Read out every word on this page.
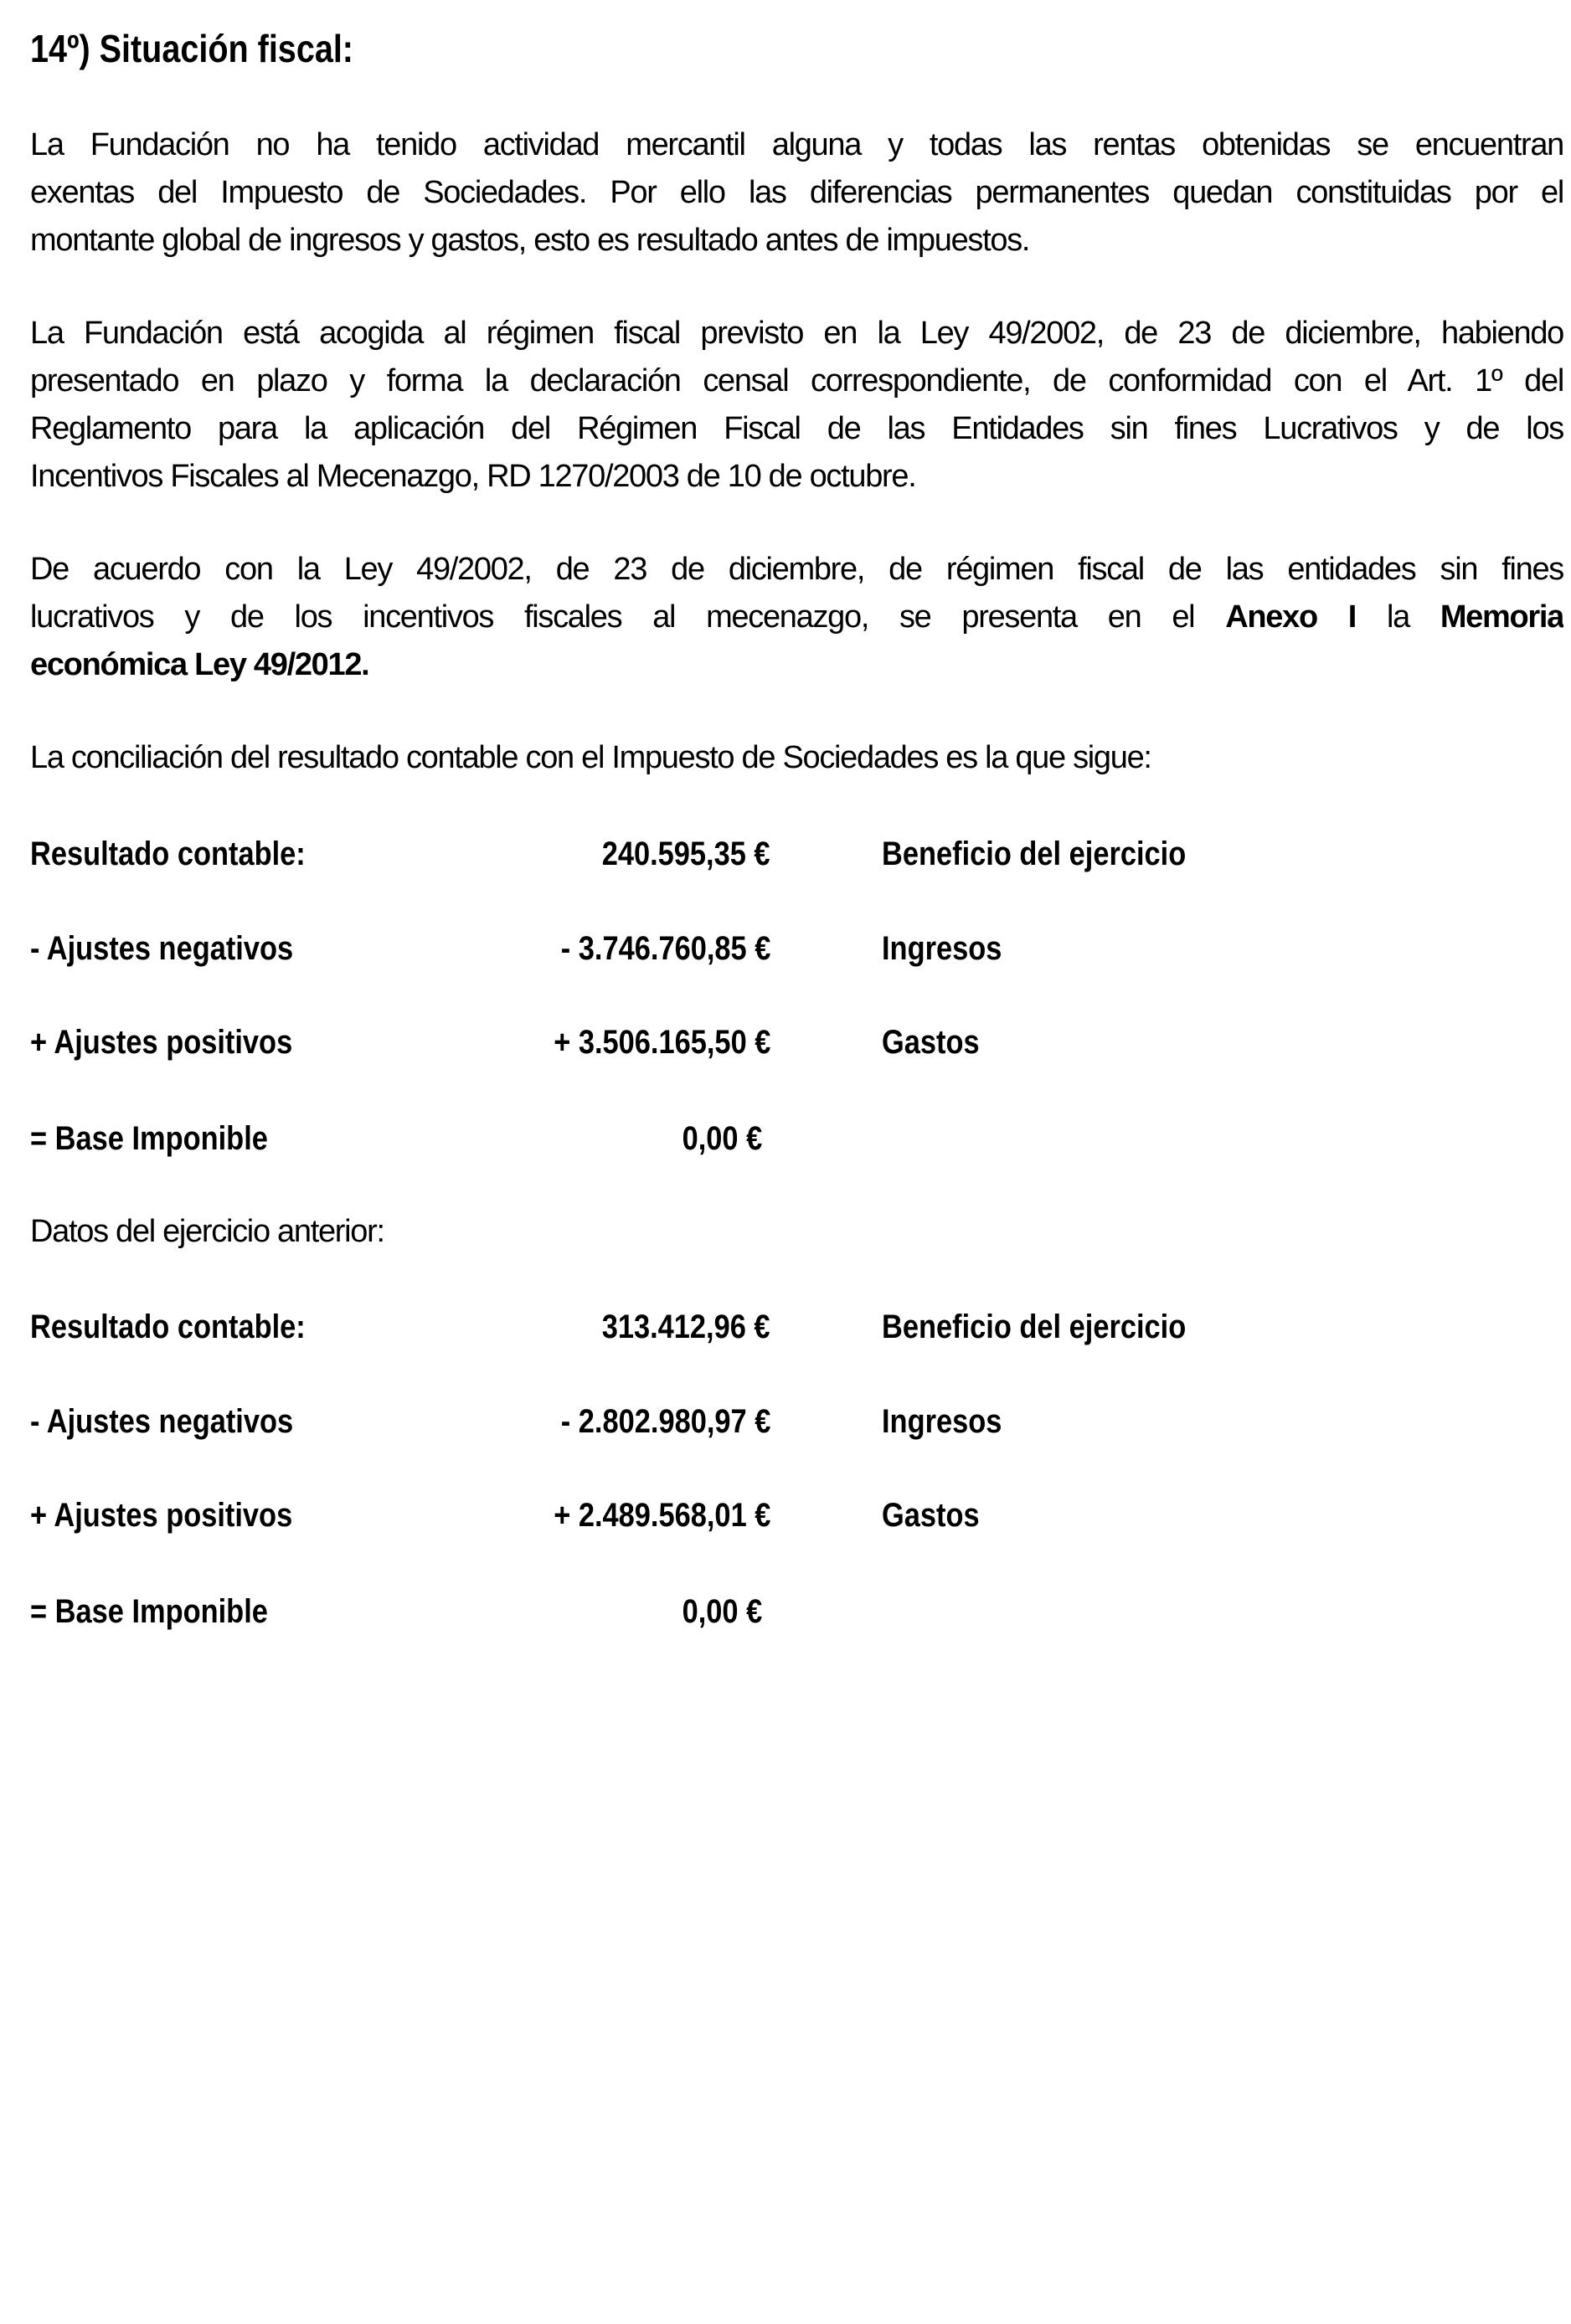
14º) Situación fiscal:
La Fundación no ha tenido actividad mercantil alguna y todas las rentas obtenidas se encuentran
exentas del Impuesto de Sociedades. Por ello las diferencias permanentes quedan constituidas por el
montante global de ingresos y gastos, esto es resultado antes de impuestos.
La Fundación está acogida al régimen fiscal previsto en la Ley 49/2002, de 23 de diciembre, habiendo
presentado en plazo y forma la declaración censal correspondiente, de conformidad con el Art. 1º del
Reglamento para la aplicación del Régimen Fiscal de las Entidades sin fines Lucrativos y de los
Incentivos Fiscales al Mecenazgo, RD 1270/2003 de 10 de octubre.
De acuerdo con la Ley 49/2002, de 23 de diciembre, de régimen fiscal de las entidades sin fines
lucrativos y de los incentivos fiscales al mecenazgo, se presenta en el Anexo I la Memoria
económica Ley 49/2012.
La conciliación del resultado contable con el Impuesto de Sociedades es la que sigue:
Datos del ejercicio anterior:
Resultado contable:	240.595,35 €	Beneficio del ejercicio
- Ajustes negativos	- 3.746.760,85 €	Ingresos
+ Ajustes positivos	+ 3.506.165,50 €	Gastos
= Base Imponible	0,00 €
Resultado contable:	313.412,96 €	Beneficio del ejercicio
- Ajustes negativos	- 2.802.980,97 €	Ingresos
+ Ajustes positivos	+ 2.489.568,01 €	Gastos
= Base Imponible	0,00 €
